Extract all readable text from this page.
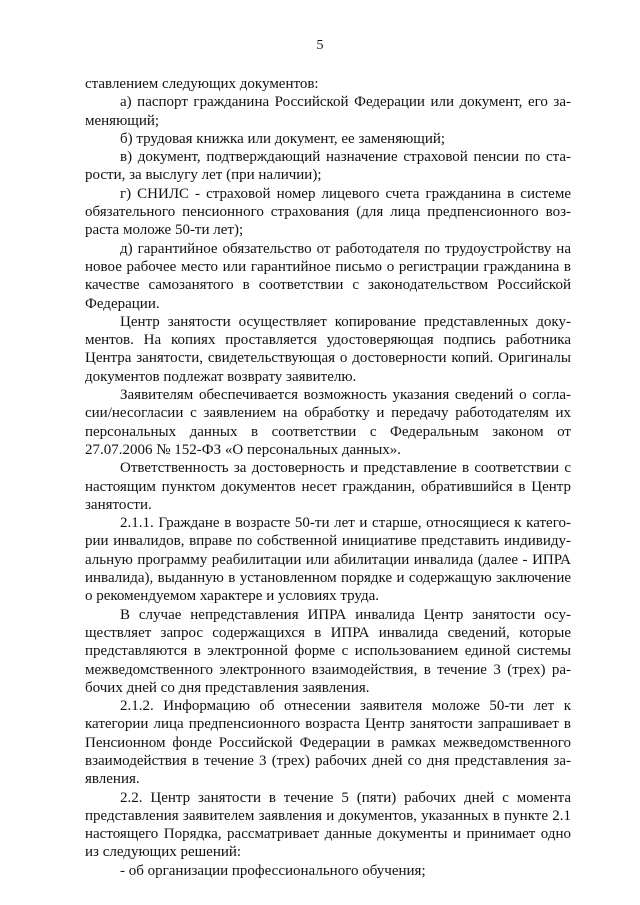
5

ставлением следующих документов:

а) паспорт гражданина Российской Федерации или документ, его заменяющий;

б) трудовая книжка или документ, ее заменяющий;

в) документ, подтверждающий назначение страховой пенсии по старости, за выслугу лет (при наличии);

г) СНИЛС - страховой номер лицевого счета гражданина в системе обязательного пенсионного страхования (для лица предпенсионного возраста моложе 50-ти лет);

д) гарантийное обязательство от работодателя по трудоустройству на новое рабочее место или гарантийное письмо о регистрации гражданина в качестве самозанятого в соответствии с законодательством Российской Федерации.

Центр занятости осуществляет копирование представленных документов. На копиях проставляется удостоверяющая подпись работника Центра занятости, свидетельствующая о достоверности копий. Оригиналы документов подлежат возврату заявителю.

Заявителям обеспечивается возможность указания сведений о согласии/несогласии с заявлением на обработку и передачу работодателям их персональных данных в соответствии с Федеральным законом от 27.07.2006 № 152-ФЗ «О персональных данных».

Ответственность за достоверность и представление в соответствии с настоящим пунктом документов несет гражданин, обратившийся в Центр занятости.

2.1.1. Граждане в возрасте 50-ти лет и старше, относящиеся к категории инвалидов, вправе по собственной инициативе представить индивидуальную программу реабилитации или абилитации инвалида (далее - ИПРА инвалида), выданную в установленном порядке и содержащую заключение о рекомендуемом характере и условиях труда.

В случае непредставления ИПРА инвалида Центр занятости осуществляет запрос содержащихся в ИПРА инвалида сведений, которые представляются в электронной форме с использованием единой системы межведомственного электронного взаимодействия, в течение 3 (трех) рабочих дней со дня представления заявления.

2.1.2. Информацию об отнесении заявителя моложе 50-ти лет к категории лица предпенсионного возраста Центр занятости запрашивает в Пенсионном фонде Российской Федерации в рамках межведомственного взаимодействия в течение 3 (трех) рабочих дней со дня представления заявления.

2.2. Центр занятости в течение 5 (пяти) рабочих дней с момента представления заявителем заявления и документов, указанных в пункте 2.1 настоящего Порядка, рассматривает данные документы и принимает одно из следующих решений:

- об организации профессионального обучения;
